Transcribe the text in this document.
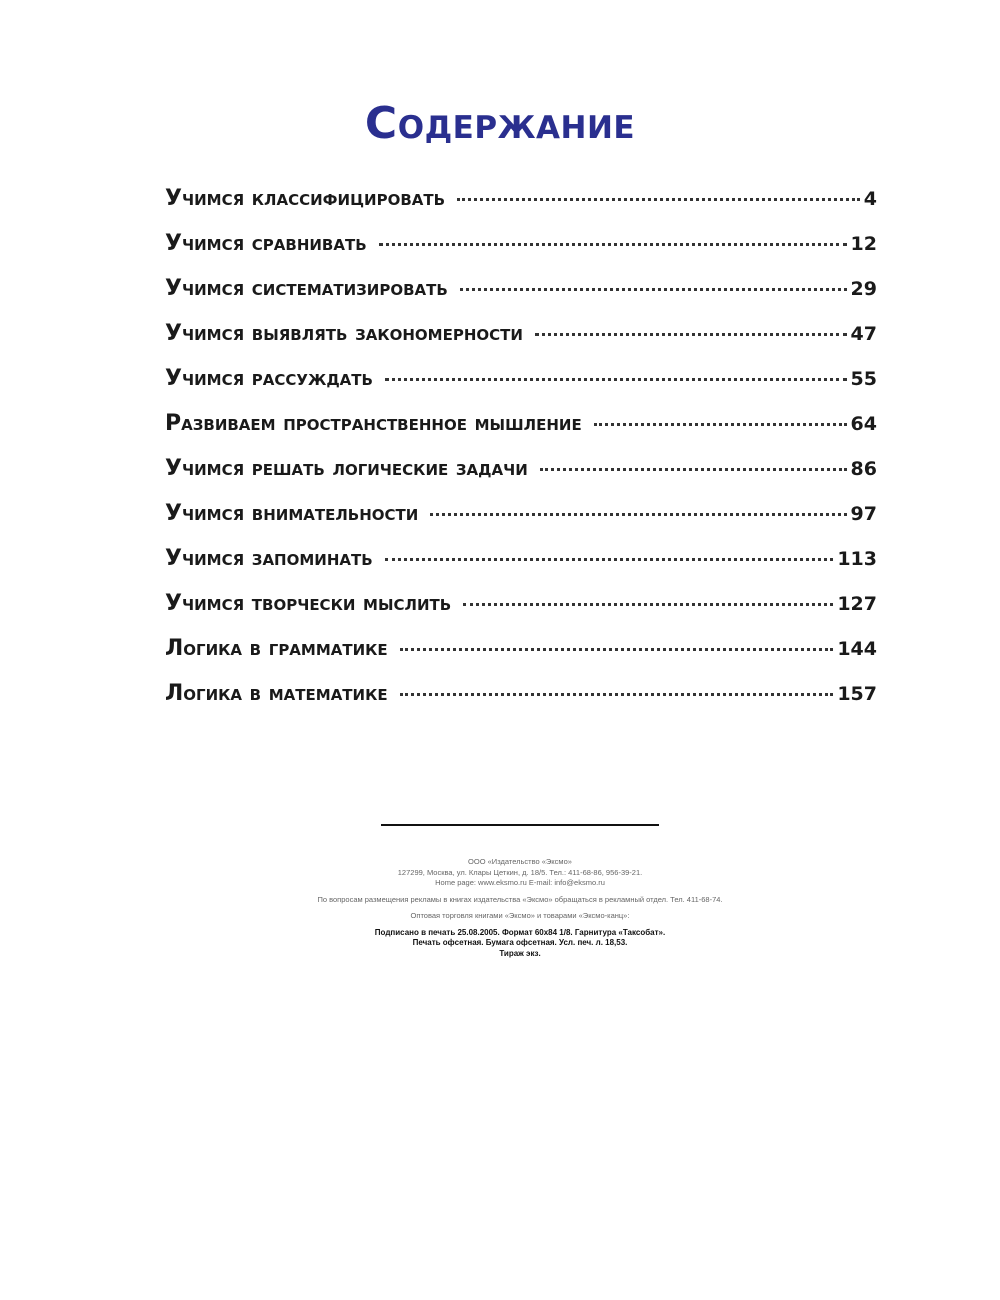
Содержание
Учимся классифицировать	4
Учимся сравнивать	12
Учимся систематизировать	29
Учимся выявлять закономерности	47
Учимся рассуждать	55
Развиваем пространственное мышление	64
Учимся решать логические задачи	86
Учимся внимательности	97
Учимся запоминать	113
Учимся творчески мыслить	127
Логика в грамматике	144
Логика в математике	157

ООО «Издательство «Эксмо»
127299, Москва, ул. Клары Цеткин, д. 18/5. Тел.: 411-68-86, 956-39-21.
Home page: www.eksmo.ru E-mail: info@eksmo.ru

По вопросам размещения рекламы в книгах издательства «Эксмо» обращаться в рекламный отдел. Тел. 411-68-74.

Оптовая торговля книгами «Эксмо» и товарами «Эксмо-канц»:

Подписано в печать 25.08.2005. Формат 60x84 1/8. Гарнитура «Таксобат».
Печать офсетная. Бумага офсетная. Усл. печ. л. 18,53.
Тираж экз.
